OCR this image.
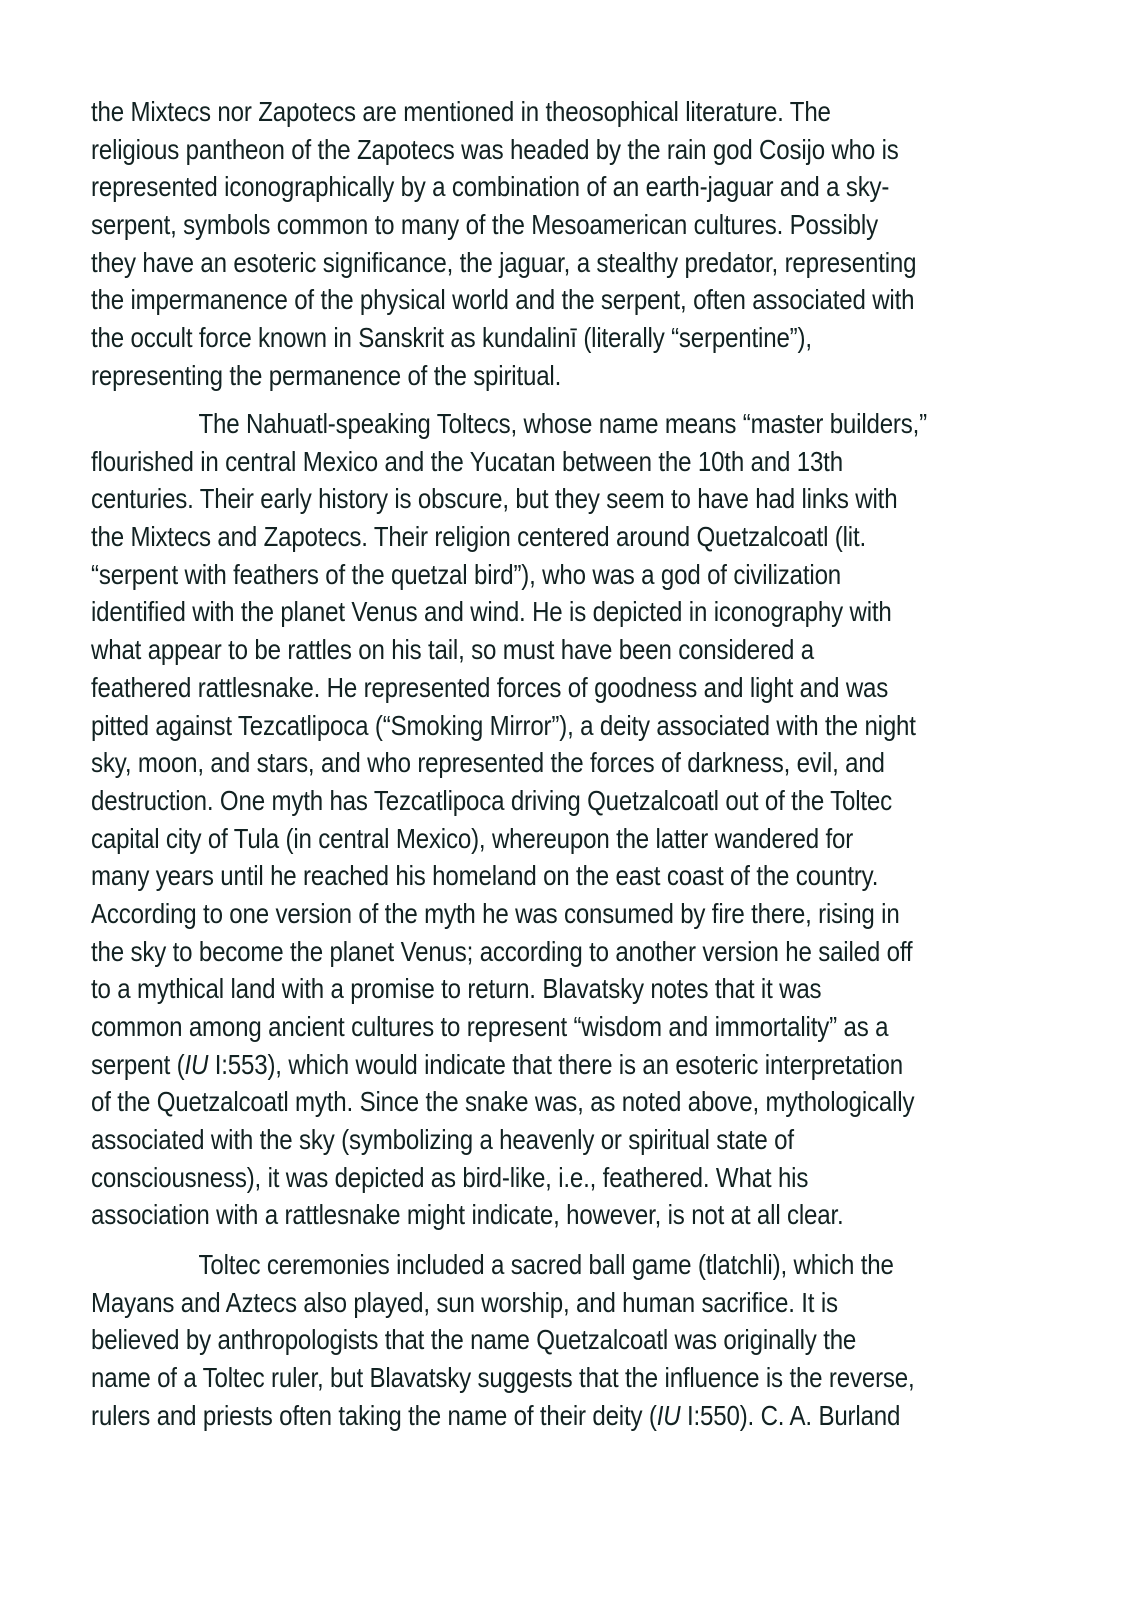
the Mixtecs nor Zapotecs are mentioned in theosophical literature. The
religious pantheon of the Zapotecs was headed by the rain god Cosijo who is
represented iconographically by a combination of an earth-jaguar and a sky-
serpent, symbols common to many of the Mesoamerican cultures. Possibly
they have an esoteric significance, the jaguar, a stealthy predator, representing
the impermanence of the physical world and the serpent, often associated with
the occult force known in Sanskrit as kundalinī (literally “serpentine”),
representing the permanence of the spiritual.
The Nahuatl-speaking Toltecs, whose name means “master builders,”
flourished in central Mexico and the Yucatan between the 10th and 13th
centuries. Their early history is obscure, but they seem to have had links with
the Mixtecs and Zapotecs. Their religion centered around Quetzalcoatl (lit.
“serpent with feathers of the quetzal bird”), who was a god of civilization
identified with the planet Venus and wind. He is depicted in iconography with
what appear to be rattles on his tail, so must have been considered a
feathered rattlesnake. He represented forces of goodness and light and was
pitted against Tezcatlipoca (“Smoking Mirror”), a deity associated with the night
sky, moon, and stars, and who represented the forces of darkness, evil, and
destruction. One myth has Tezcatlipoca driving Quetzalcoatl out of the Toltec
capital city of Tula (in central Mexico), whereupon the latter wandered for
many years until he reached his homeland on the east coast of the country.
According to one version of the myth he was consumed by fire there, rising in
the sky to become the planet Venus; according to another version he sailed off
to a mythical land with a promise to return. Blavatsky notes that it was
common among ancient cultures to represent “wisdom and immortality” as a
serpent (IU I:553), which would indicate that there is an esoteric interpretation
of the Quetzalcoatl myth. Since the snake was, as noted above, mythologically
associated with the sky (symbolizing a heavenly or spiritual state of
consciousness), it was depicted as bird-like, i.e., feathered. What his
association with a rattlesnake might indicate, however, is not at all clear.
Toltec ceremonies included a sacred ball game (tlatchli), which the
Mayans and Aztecs also played, sun worship, and human sacrifice. It is
believed by anthropologists that the name Quetzalcoatl was originally the
name of a Toltec ruler, but Blavatsky suggests that the influence is the reverse,
rulers and priests often taking the name of their deity (IU I:550). C. A. Burland
